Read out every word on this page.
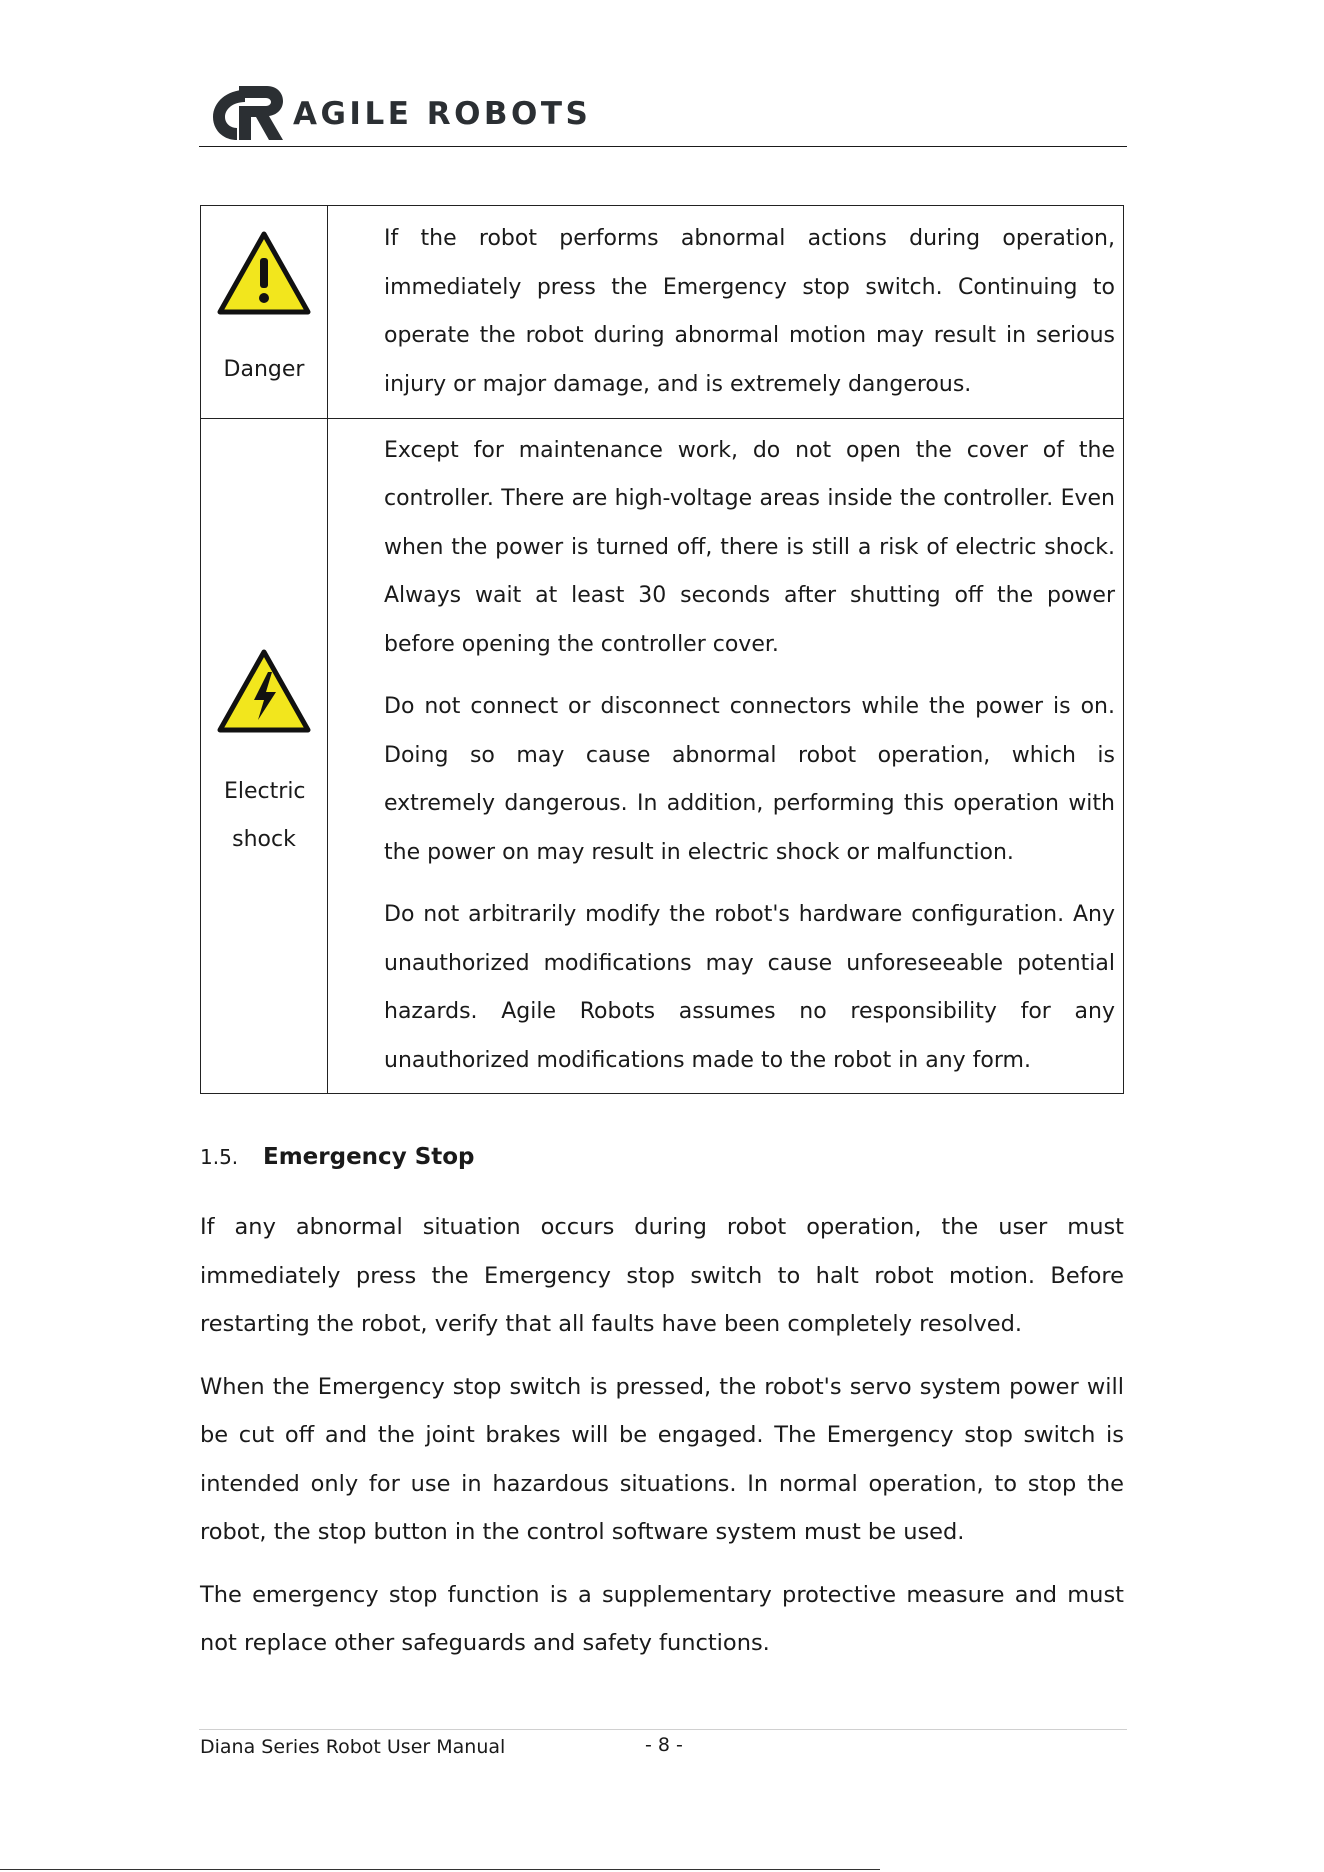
AGILE ROBOTS
Danger	If the robot performs abnormal actions during operation, immediately press the Emergency stop switch. Continuing to operate the robot during abnormal motion may result in serious injury or major damage, and is extremely dangerous.

Electric shock	Except for maintenance work, do not open the cover of the controller. There are high-voltage areas inside the controller. Even when the power is turned off, there is still a risk of electric shock. Always wait at least 30 seconds after shutting off the power before opening the controller cover.

Do not connect or disconnect connectors while the power is on. Doing so may cause abnormal robot operation, which is extremely dangerous. In addition, performing this operation with the power on may result in electric shock or malfunction.

Do not arbitrarily modify the robot's hardware configuration. Any unauthorized modifications may cause unforeseeable potential hazards. Agile Robots assumes no responsibility for any unauthorized modifications made to the robot in any form.

1.5. Emergency Stop

If any abnormal situation occurs during robot operation, the user must immediately press the Emergency stop switch to halt robot motion. Before restarting the robot, verify that all faults have been completely resolved.

When the Emergency stop switch is pressed, the robot's servo system power will be cut off and the joint brakes will be engaged. The Emergency stop switch is intended only for use in hazardous situations. In normal operation, to stop the robot, the stop button in the control software system must be used.

The emergency stop function is a supplementary protective measure and must not replace other safeguards and safety functions.

Diana Series Robot User Manual	- 8 -
